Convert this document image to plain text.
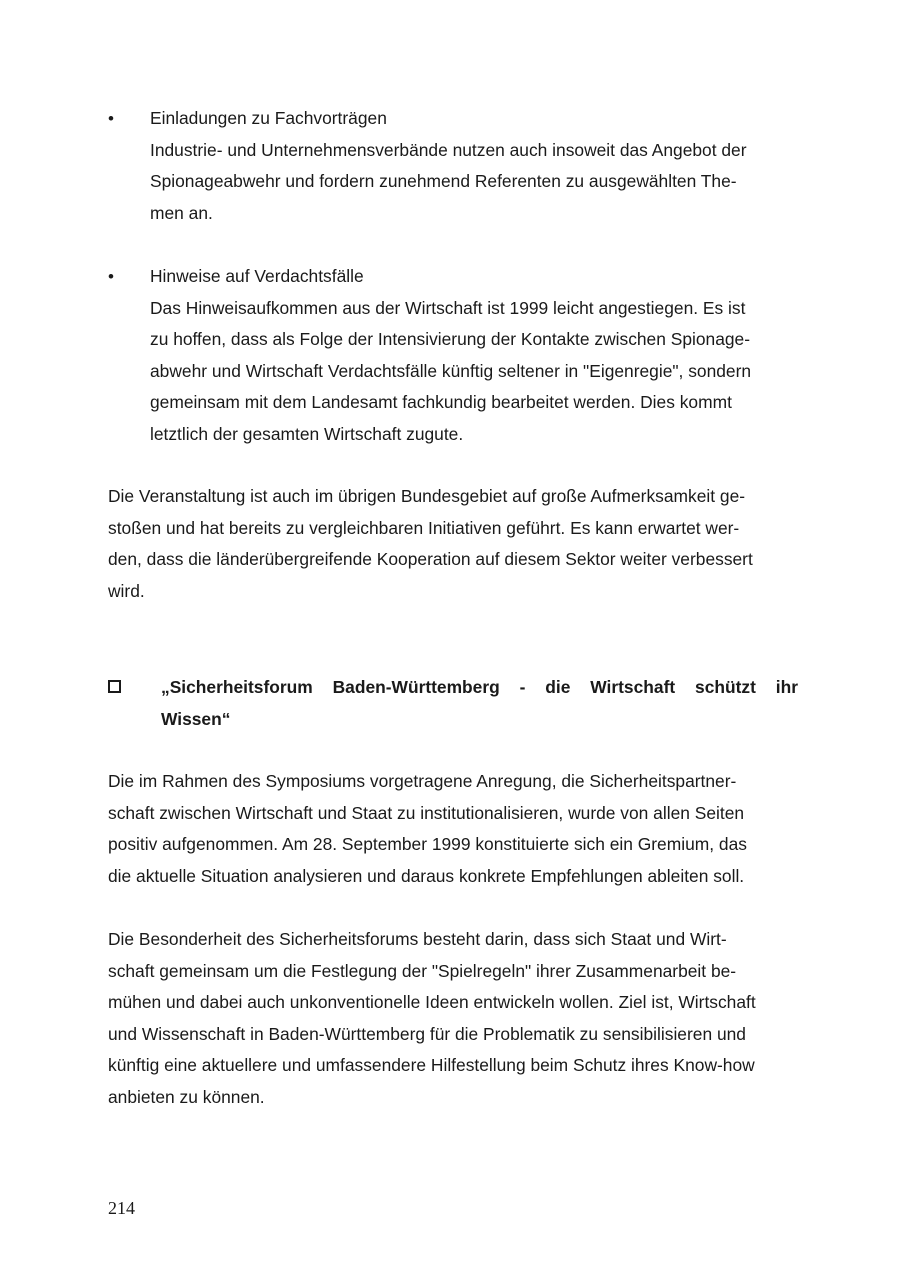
• Einladungen zu Fachvorträgen
Industrie- und Unternehmensverbände nutzen auch insoweit das Angebot der
Spionageabwehr und fordern zunehmend Referenten zu ausgewählten The-
men an.
• Hinweise auf Verdachtsfälle
Das Hinweisaufkommen aus der Wirtschaft ist 1999 leicht angestiegen. Es ist
zu hoffen, dass als Folge der Intensivierung der Kontakte zwischen Spionage-
abwehr und Wirtschaft Verdachtsfälle künftig seltener in "Eigenregie", sondern
gemeinsam mit dem Landesamt fachkundig bearbeitet werden. Dies kommt
letztlich der gesamten Wirtschaft zugute.
Die Veranstaltung ist auch im übrigen Bundesgebiet auf große Aufmerksamkeit ge-
stoßen und hat bereits zu vergleichbaren Initiativen geführt. Es kann erwartet wer-
den, dass die länderübergreifende Kooperation auf diesem Sektor weiter verbessert
wird.
„Sicherheitsforum Baden-Württemberg - die Wirtschaft schützt ihr
Wissen“
Die im Rahmen des Symposiums vorgetragene Anregung, die Sicherheitspartner-
schaft zwischen Wirtschaft und Staat zu institutionalisieren, wurde von allen Seiten
positiv aufgenommen. Am 28. September 1999 konstituierte sich ein Gremium, das
die aktuelle Situation analysieren und daraus konkrete Empfehlungen ableiten soll.
Die Besonderheit des Sicherheitsforums besteht darin, dass sich Staat und Wirt-
schaft gemeinsam um die Festlegung der "Spielregeln" ihrer Zusammenarbeit be-
mühen und dabei auch unkonventionelle Ideen entwickeln wollen. Ziel ist, Wirtschaft
und Wissenschaft in Baden-Württemberg für die Problematik zu sensibilisieren und
künftig eine aktuellere und umfassendere Hilfestellung beim Schutz ihres Know-how
anbieten zu können.
214
